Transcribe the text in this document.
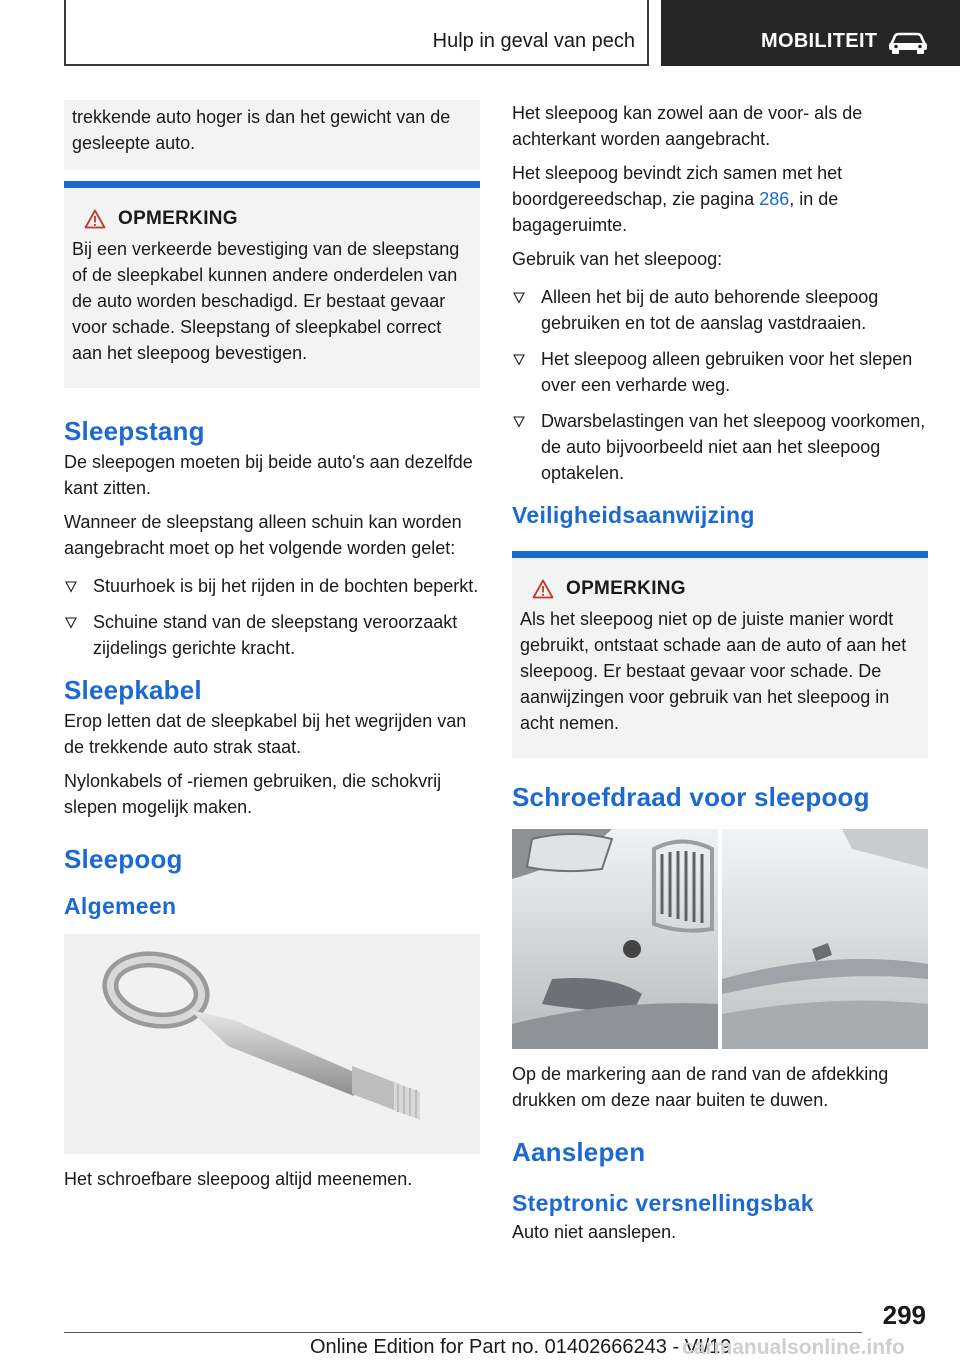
Hulp in geval van pech	MOBILITEIT

trekkende auto hoger is dan het gewicht van de gesleepte auto.

OPMERKING

Bij een verkeerde bevestiging van de sleepstang of de sleepkabel kunnen andere onderdelen van de auto worden beschadigd. Er bestaat gevaar voor schade. Sleepstang of sleepkabel correct aan het sleepoog bevestigen.

Sleepstang

De sleepogen moeten bij beide auto's aan dezelfde kant zitten.

Wanneer de sleepstang alleen schuin kan worden aangebracht moet op het volgende worden gelet:

Stuurhoek is bij het rijden in de bochten beperkt.
Schuine stand van de sleepstang veroorzaakt zijdelings gerichte kracht.
Sleepkabel

Erop letten dat de sleepkabel bij het wegrijden van de trekkende auto strak staat.

Nylonkabels of -riemen gebruiken, die schokvrij slepen mogelijk maken.

Sleepoog
Algemeen

Het schroefbare sleepoog altijd meenemen.

Het sleepoog kan zowel aan de voor- als de achterkant worden aangebracht.

Het sleepoog bevindt zich samen met het boordgereedschap, zie pagina 286, in de bagageruimte.

Gebruik van het sleepoog:

Alleen het bij de auto behorende sleepoog gebruiken en tot de aanslag vastdraaien.
Het sleepoog alleen gebruiken voor het slepen over een verharde weg.
Dwarsbelastingen van het sleepoog voorkomen, de auto bijvoorbeeld niet aan het sleepoog optakelen.
Veiligheidsaanwijzing
OPMERKING

Als het sleepoog niet op de juiste manier wordt gebruikt, ontstaat schade aan de auto of aan het sleepoog. Er bestaat gevaar voor schade. De aanwijzingen voor gebruik van het sleepoog in acht nemen.

Schroefdraad voor sleepoog

Op de markering aan de rand van de afdekking drukken om deze naar buiten te duwen.

Aanslepen
Steptronic versnellingsbak

Auto niet aanslepen.

299
Online Edition for Part no. 01402666243 - VI/19
carmanualsonline.info
